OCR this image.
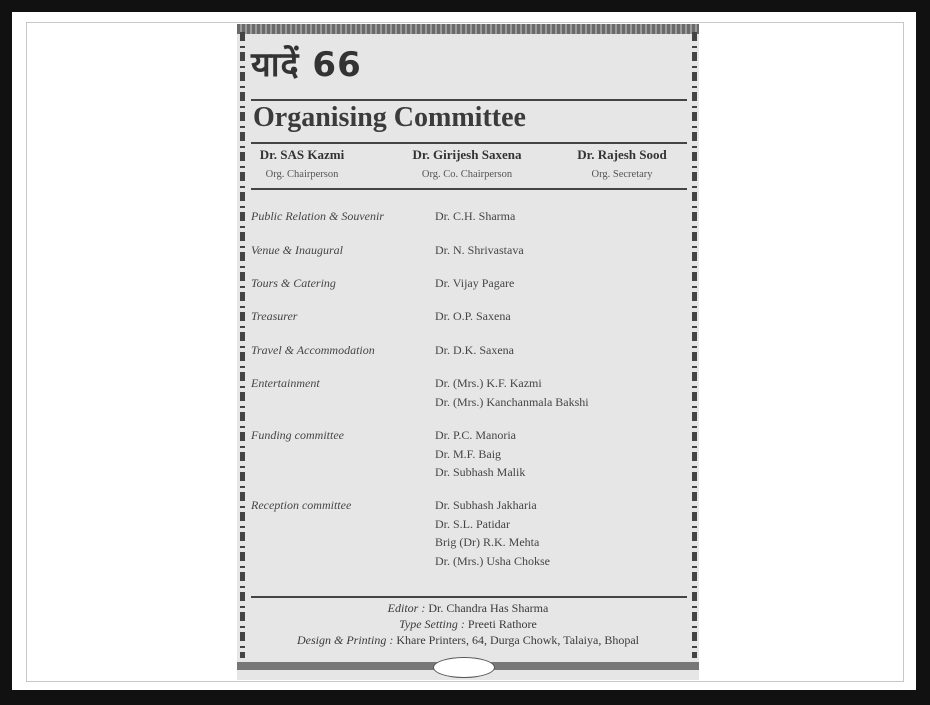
यादें 66
Organising Committee
Dr. SAS Kazmi
Org. Chairperson
Dr. Girijesh Saxena
Org. Co. Chairperson
Dr. Rajesh Sood
Org. Secretary
Public Relation & Souvenir	Dr. C.H. Sharma
Venue & Inaugural	Dr. N. Shrivastava
Tours & Catering	Dr. Vijay Pagare
Treasurer	Dr. O.P. Saxena
Travel & Accommodation	Dr. D.K. Saxena
Entertainment	Dr. (Mrs.) K.F. Kazmi
Dr. (Mrs.) Kanchanmala Bakshi
Funding committee	Dr. P.C. Manoria
Dr. M.F. Baig
Dr. Subhash Malik
Reception committee	Dr. Subhash Jakharia
Dr. S.L. Patidar
Brig (Dr) R.K. Mehta
Dr. (Mrs.) Usha Chokse
Editor : Dr. Chandra Has Sharma
Type Setting : Preeti Rathore
Design & Printing : Khare Printers, 64, Durga Chowk, Talaiya, Bhopal
